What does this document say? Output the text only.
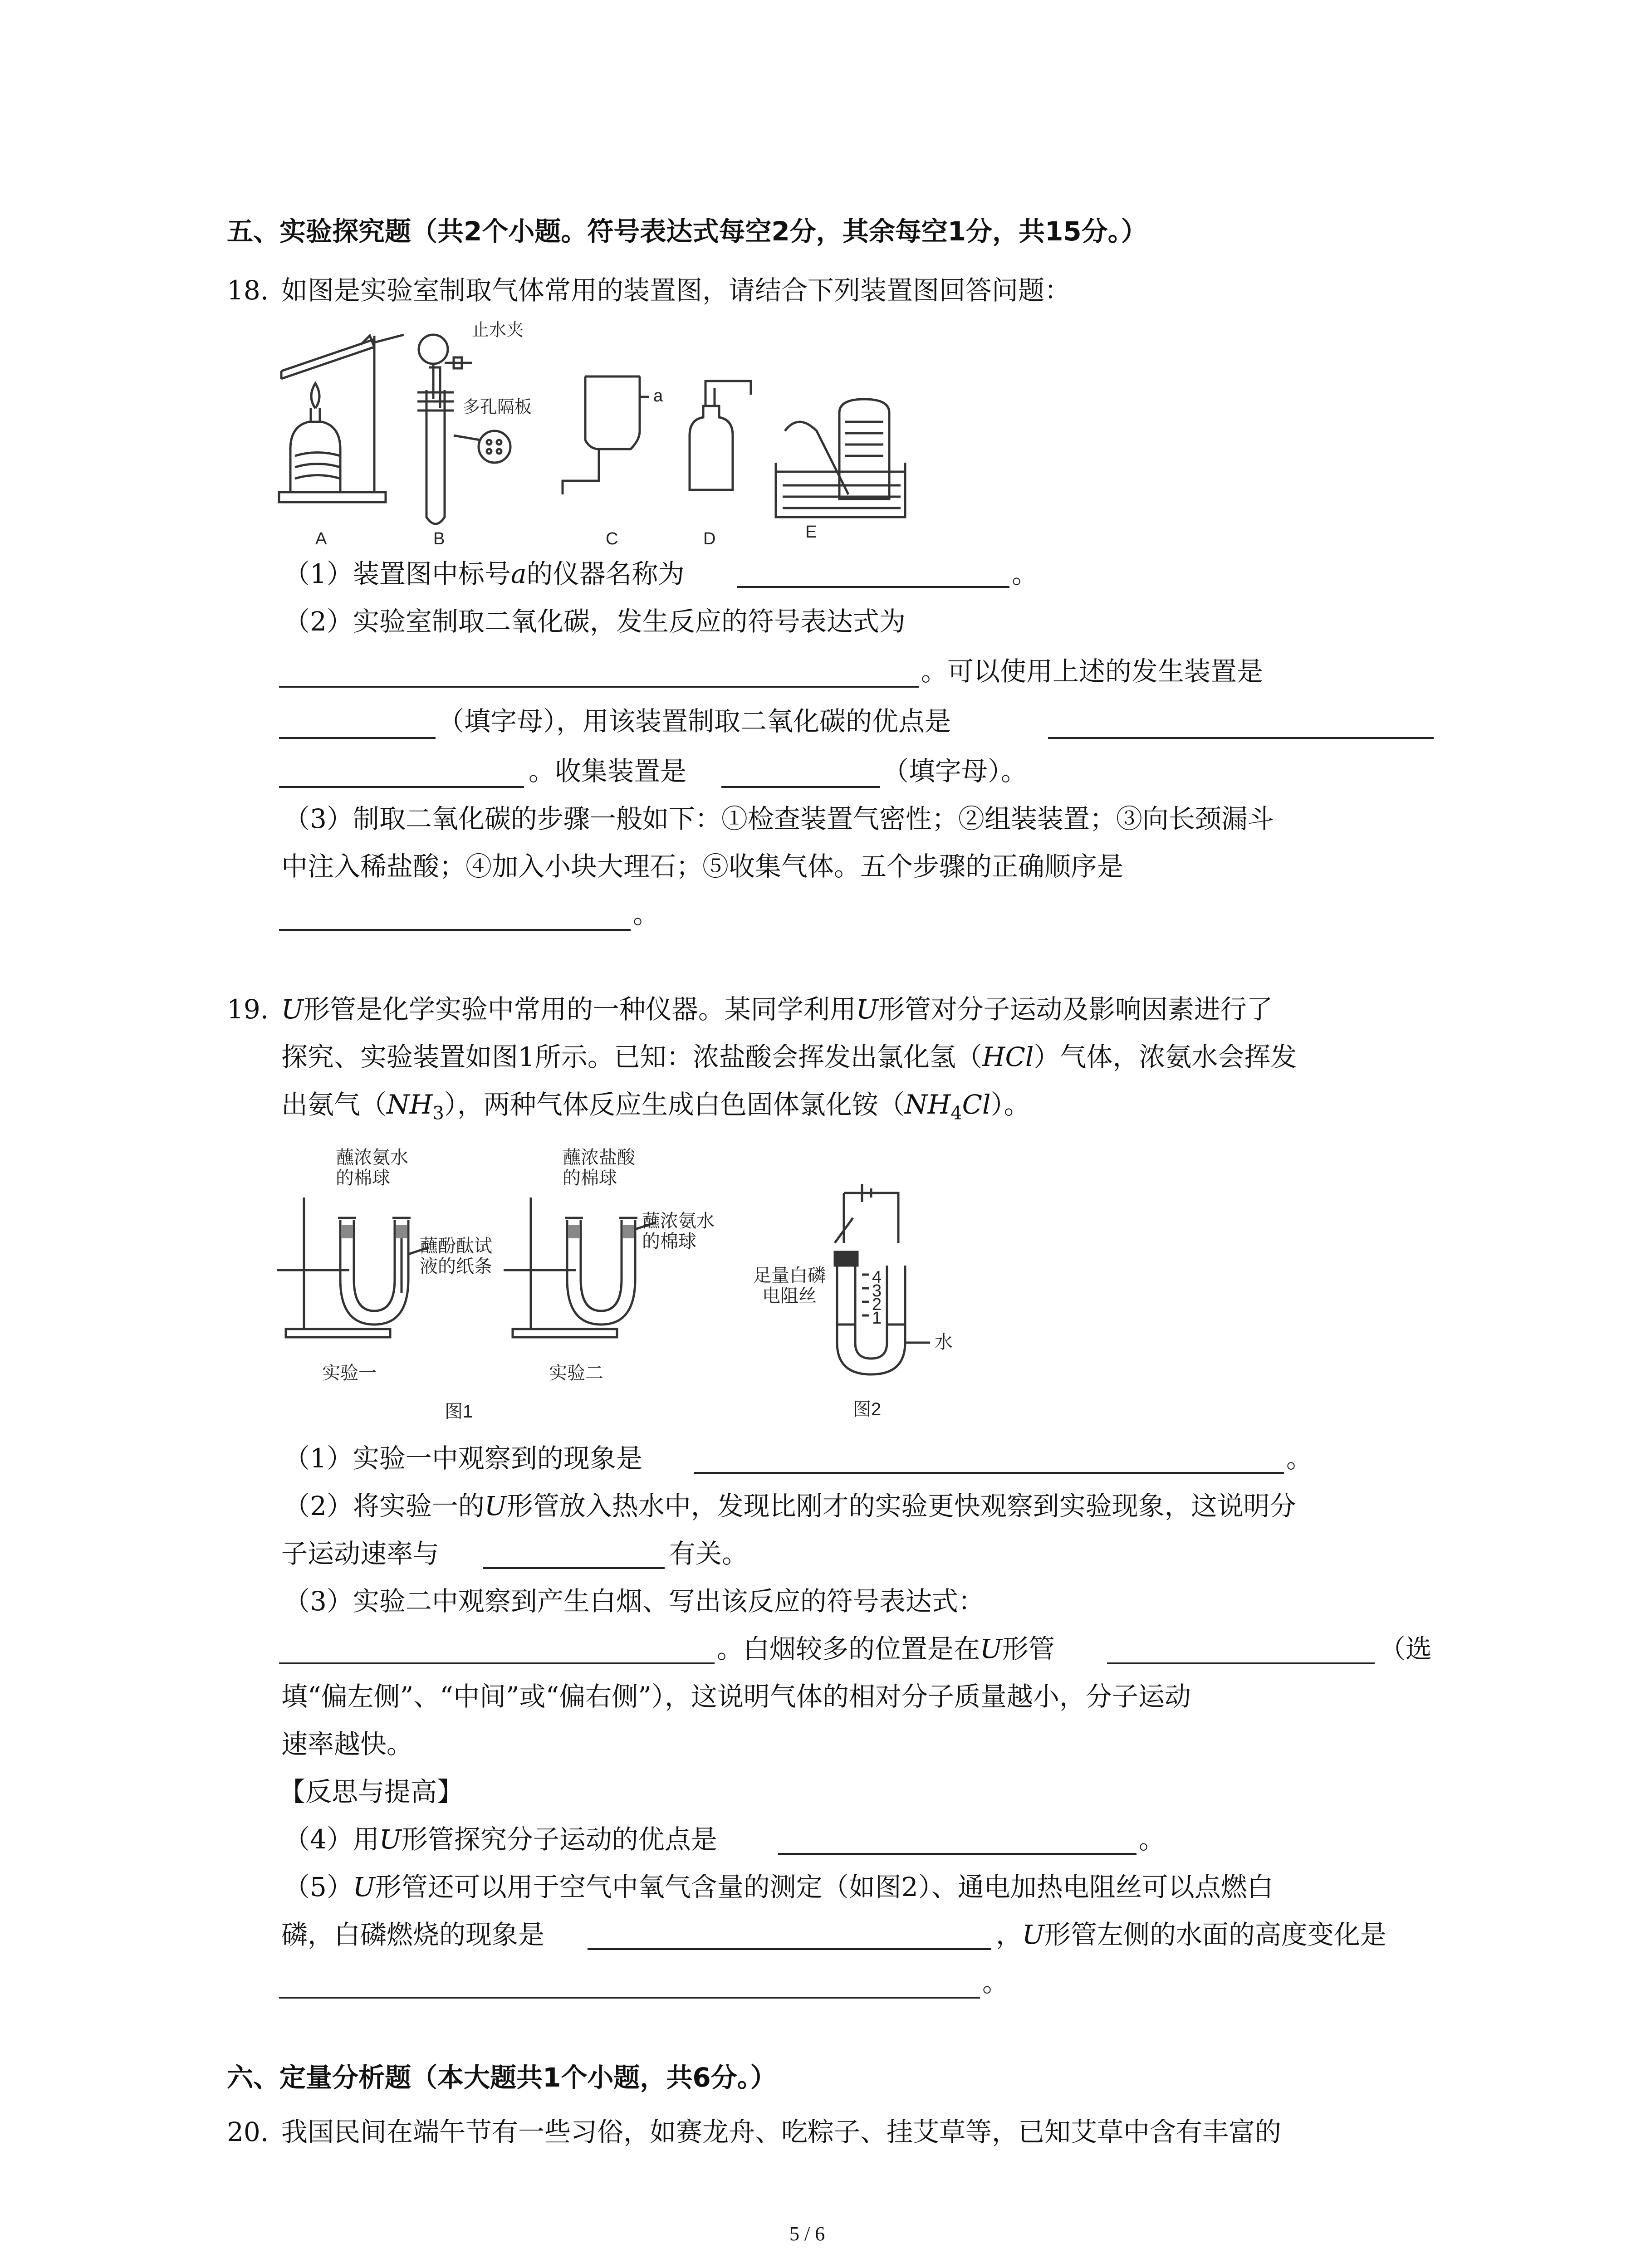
五、实验探究题（共2个小题。符号表达式每空2分，其余每空1分，共15分。）
18. 如图是实验室制取气体常用的装置图，请结合下列装置图回答问题：
止水夹
多孔隔板
a
A	B	C	D	E
（1）装置图中标号a的仪器名称为	。
（2）实验室制取二氧化碳，发生反应的符号表达式为
。可以使用上述的发生装置是
（填字母），用该装置制取二氧化碳的优点是
。收集装置是	（填字母）。
（3）制取二氧化碳的步骤一般如下：①检查装置气密性；②组装装置；③向长颈漏斗
中注入稀盐酸；④加入小块大理石；⑤收集气体。五个步骤的正确顺序是
。
19. U形管是化学实验中常用的一种仪器。某同学利用U形管对分子运动及影响因素进行了
探究、实验装置如图1所示。已知：浓盐酸会挥发出氯化氢（HCl）气体，浓氨水会挥发
出氨气$(NH_3)$，两种气体反应生成白色固体氯化铵$(NH_4Cl)$。
蘸浓氨水
的棉球
蘸酚酞试
液的纸条
蘸浓盐酸
的棉球
蘸浓氨水
的棉球
实验一	实验二
图1
足量白磷
电阻丝
4
3
2
1
水
图2
（1）实验一中观察到的现象是	。
（2）将实验一的U形管放入热水中，发现比刚才的实验更快观察到实验现象，这说明分
子运动速率与	有关。
（3）实验二中观察到产生白烟、写出该反应的符号表达式：
。白烟较多的位置是在U形管	（选
填“偏左侧”、“中间”或“偏右侧”），这说明气体的相对分子质量越小，分子运动
速率越快。
【反思与提高】
（4）用U形管探究分子运动的优点是	。
（5）U形管还可以用于空气中氧气含量的测定（如图2）、通电加热电阻丝可以点燃白
磷，白磷燃烧的现象是	，U形管左侧的水面的高度变化是
。
六、定量分析题（本大题共1个小题，共6分。）
20. 我国民间在端午节有一些习俗，如赛龙舟、吃粽子、挂艾草等，已知艾草中含有丰富的
5 / 6
